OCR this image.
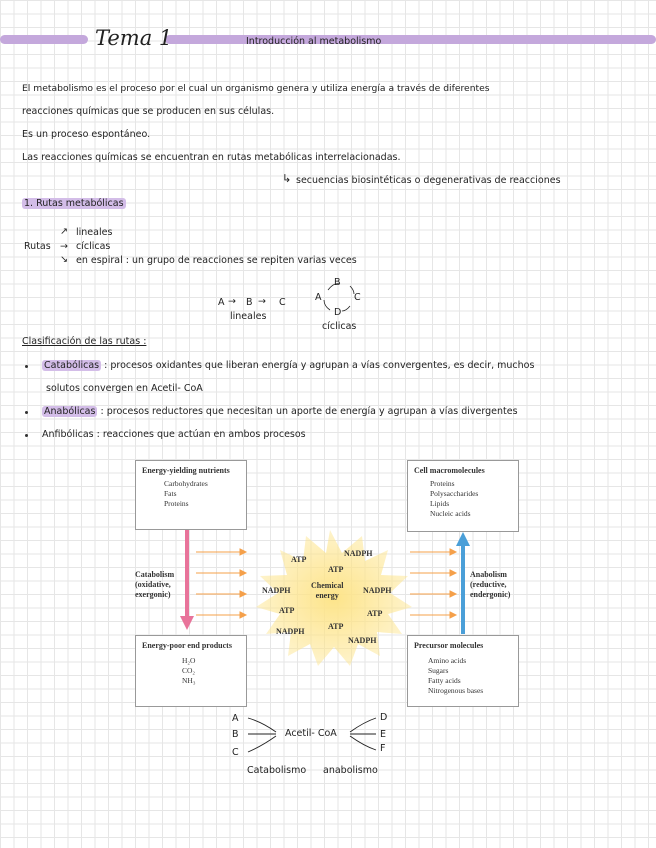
Tema 1	Introducción al metabolismo
El metabolismo es el proceso por el cual un organismo genera y utiliza energía a través de diferentes
reacciones químicas que se producen en sus células.
Es un proceso espontáneo.
Las reacciones químicas se encuentran en rutas metabólicas interrelacionadas.
↳ secuencias biosintéticas o degenerativas de reacciones
1. Rutas metabólicas
Rutas
↗ lineales
→ cíclicas
↘ en espiral : un grupo de reacciones se repiten varias veces
A → B → C
lineales
B
A	C
D
cíclicas
Clasificación de las rutas :
Catabólicas : procesos oxidantes que liberan energía y agrupan a vías convergentes, es decir, muchos
solutos convergen en Acetil- CoA
Anabólicas : procesos reductores que necesitan un aporte de energía y agrupan a vías divergentes
Anfibólicas : reacciones que actúan en ambos procesos
Energy-yielding nutrients
Carbohydrates
Fats
Proteins
Cell macromolecules
Proteins
Polysaccharides
Lipids
Nucleic acids
Energy-poor end products
H₂O
CO₂
NH₃
Precursor molecules
Amino acids
Sugars
Fatty acids
Nitrogenous bases
Catabolism
(oxidative,
exergonic)
Anabolism
(reductive,
endergonic)
ATP
NADPH
ATP
NADPH
Chemical
energy
NADPH
ATP	ATP
ATP
NADPH
NADPH
A
B
C
Acetil- CoA
D
E
F
Catabolismo anabolismo
